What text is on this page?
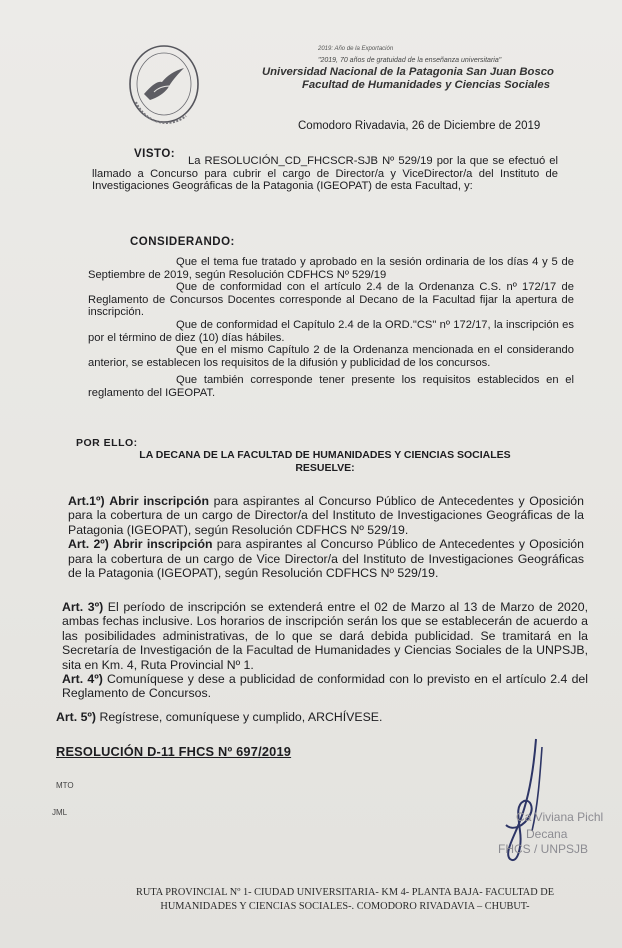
2019: Año de la Exportación
"2019, 70 años de gratuidad de la enseñanza universitaria"
Universidad Nacional de la Patagonia San Juan Bosco
Facultad de Humanidades y Ciencias Sociales
Comodoro Rivadavia, 26 de Diciembre de 2019
VISTO:

La RESOLUCIÓN_CD_FHCSCR-SJB Nº 529/19 por la que se efectuó el llamado a Concurso para cubrir el cargo de Director/a y ViceDirector/a del Instituto de Investigaciones Geográficas de la Patagonia (IGEOPAT) de esta Facultad, y:

CONSIDERANDO:

Que el tema fue tratado y aprobado en la sesión ordinaria de los días 4 y 5 de Septiembre de 2019, según Resolución CDFHCS Nº 529/19

Que de conformidad con el artículo 2.4 de la Ordenanza C.S. nº 172/17 de Reglamento de Concursos Docentes corresponde al Decano de la Facultad fijar la apertura de inscripción.

Que de conformidad el Capítulo 2.4 de la ORD."CS" nº 172/17, la inscripción es por el término de diez (10) días hábiles.

Que en el mismo Capítulo 2 de la Ordenanza mencionada en el considerando anterior, se establecen los requisitos de la difusión y publicidad de los concursos.

Que también corresponde tener presente los requisitos establecidos en el reglamento del IGEOPAT.

POR ELLO:
LA DECANA DE LA FACULTAD DE HUMANIDADES Y CIENCIAS SOCIALES
RESUELVE:

Art.1º) Abrir inscripción para aspirantes al Concurso Público de Antecedentes y Oposición para la cobertura de un cargo de Director/a del Instituto de Investigaciones Geográficas de la Patagonia (IGEOPAT), según Resolución CDFHCS Nº 529/19.

Art. 2º) Abrir inscripción para aspirantes al Concurso Público de Antecedentes y Oposición para la cobertura de un cargo de Vice Director/a del Instituto de Investigaciones Geográficas de la Patagonia (IGEOPAT), según Resolución CDFHCS Nº 529/19.

Art. 3º) El período de inscripción se extenderá entre el 02 de Marzo al 13 de Marzo de 2020, ambas fechas inclusive. Los horarios de inscripción serán los que se establecerán de acuerdo a las posibilidades administrativas, de lo que se dará debida publicidad. Se tramitará en la Secretaría de Investigación de la Facultad de Humanidades y Ciencias Sociales de la UNPSJB, sita en Km. 4, Ruta Provincial Nº 1.

Art. 4º) Comuníquese y dese a publicidad de conformidad con lo previsto en el artículo 2.4 del Reglamento de Concursos.

Art. 5º) Regístrese, comuníquese y cumplido, ARCHÍVESE.

RESOLUCIÓN D-11 FHCS Nº 697/2019
MTO
JML	Ca Viviana Pichl
Decana
FHCS / UNPSJB
RUTA PROVINCIAL Nº 1- CIUDAD UNIVERSITARIA- KM 4- PLANTA BAJA- FACULTAD DE
HUMANIDADES Y CIENCIAS SOCIALES-. COMODORO RIVADAVIA – CHUBUT-
